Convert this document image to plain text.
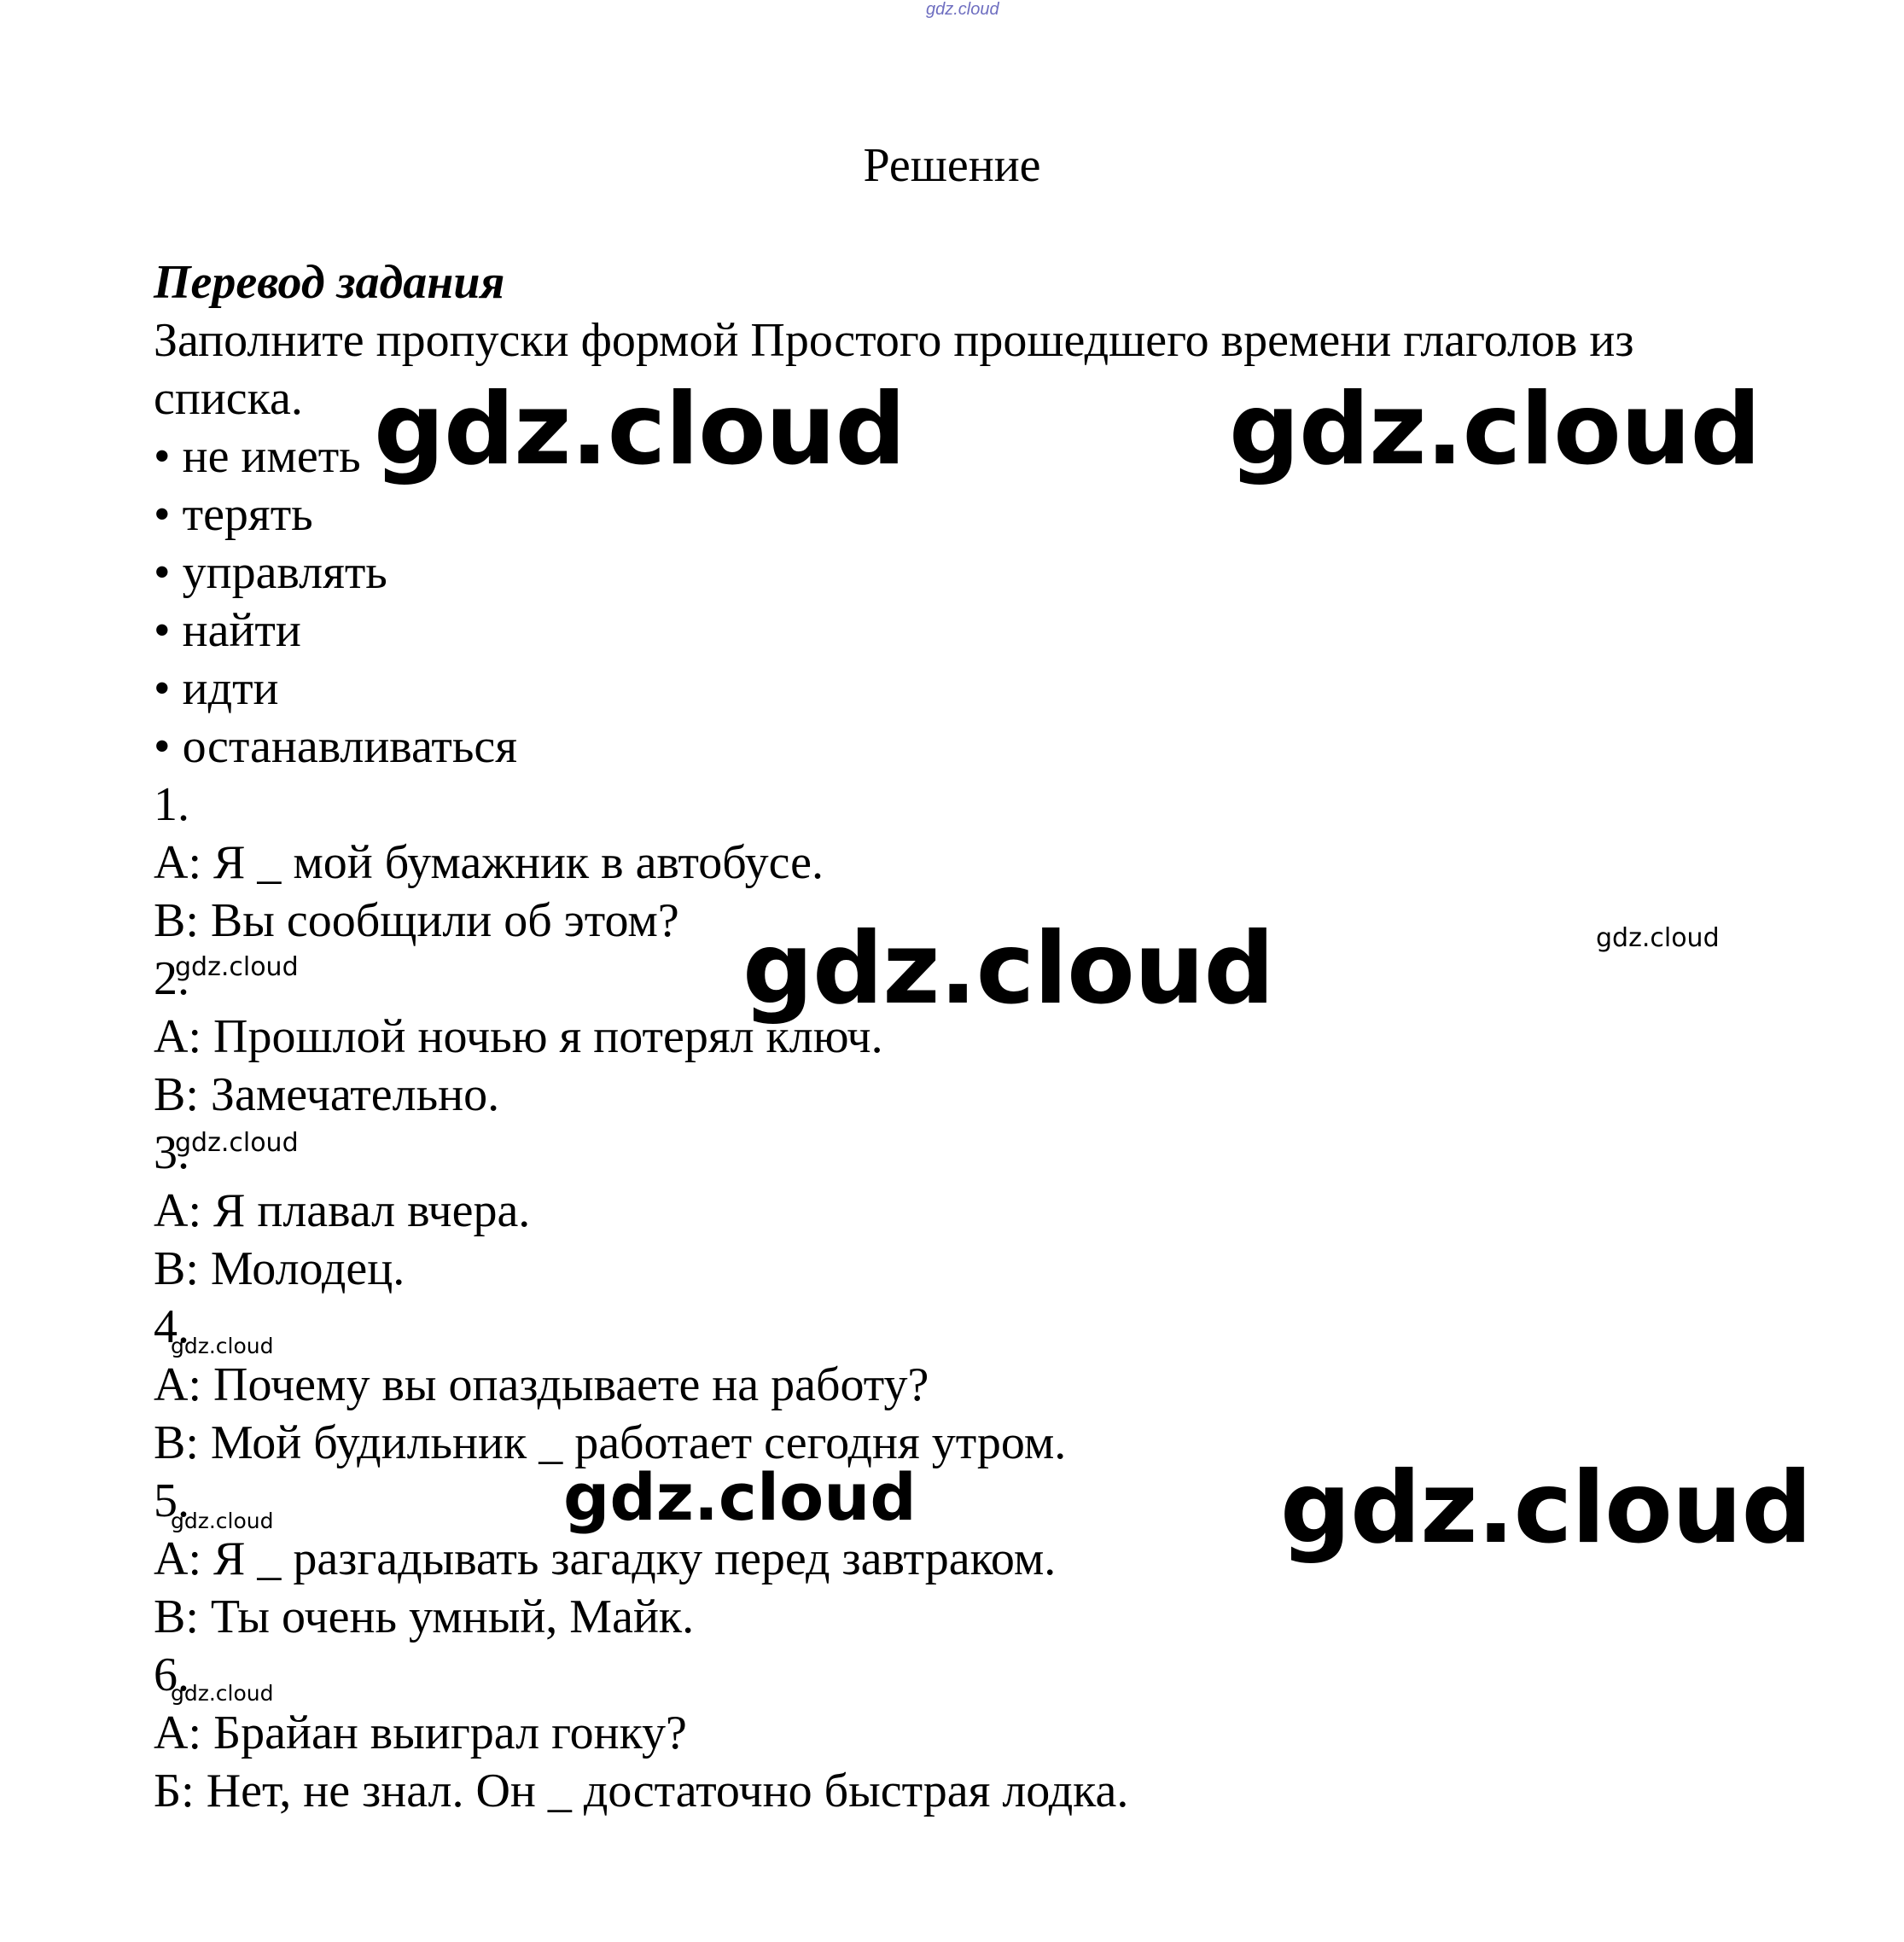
gdz.cloud
Решение
Перевод задания
Заполните пропуски формой Простого прошедшего времени глаголов из
списка.
• не иметь
• терять
• управлять
• найти
• идти
• останавливаться
1.
A: Я _ мой бумажник в автобусе.
B: Вы сообщили об этом?
2.
A: Прошлой ночью я потерял ключ.
B: Замечательно.
3.
A: Я плавал вчера.
B: Молодец.
4.
A: Почему вы опаздываете на работу?
B: Мой будильник _ работает сегодня утром.
5.
A: Я _ разгадывать загадку перед завтраком.
B: Ты очень умный, Майк.
6.
A: Брайан выиграл гонку?
Б: Нет, не знал. Он _ достаточно быстрая лодка.
gdz.cloud	gdz.cloud
gdz.cloud	gdz.cloud
gdz.cloud
gdz.cloud
gdz.cloud
gdz.cloud	gdz.cloud
gdz.cloud
gdz.cloud
